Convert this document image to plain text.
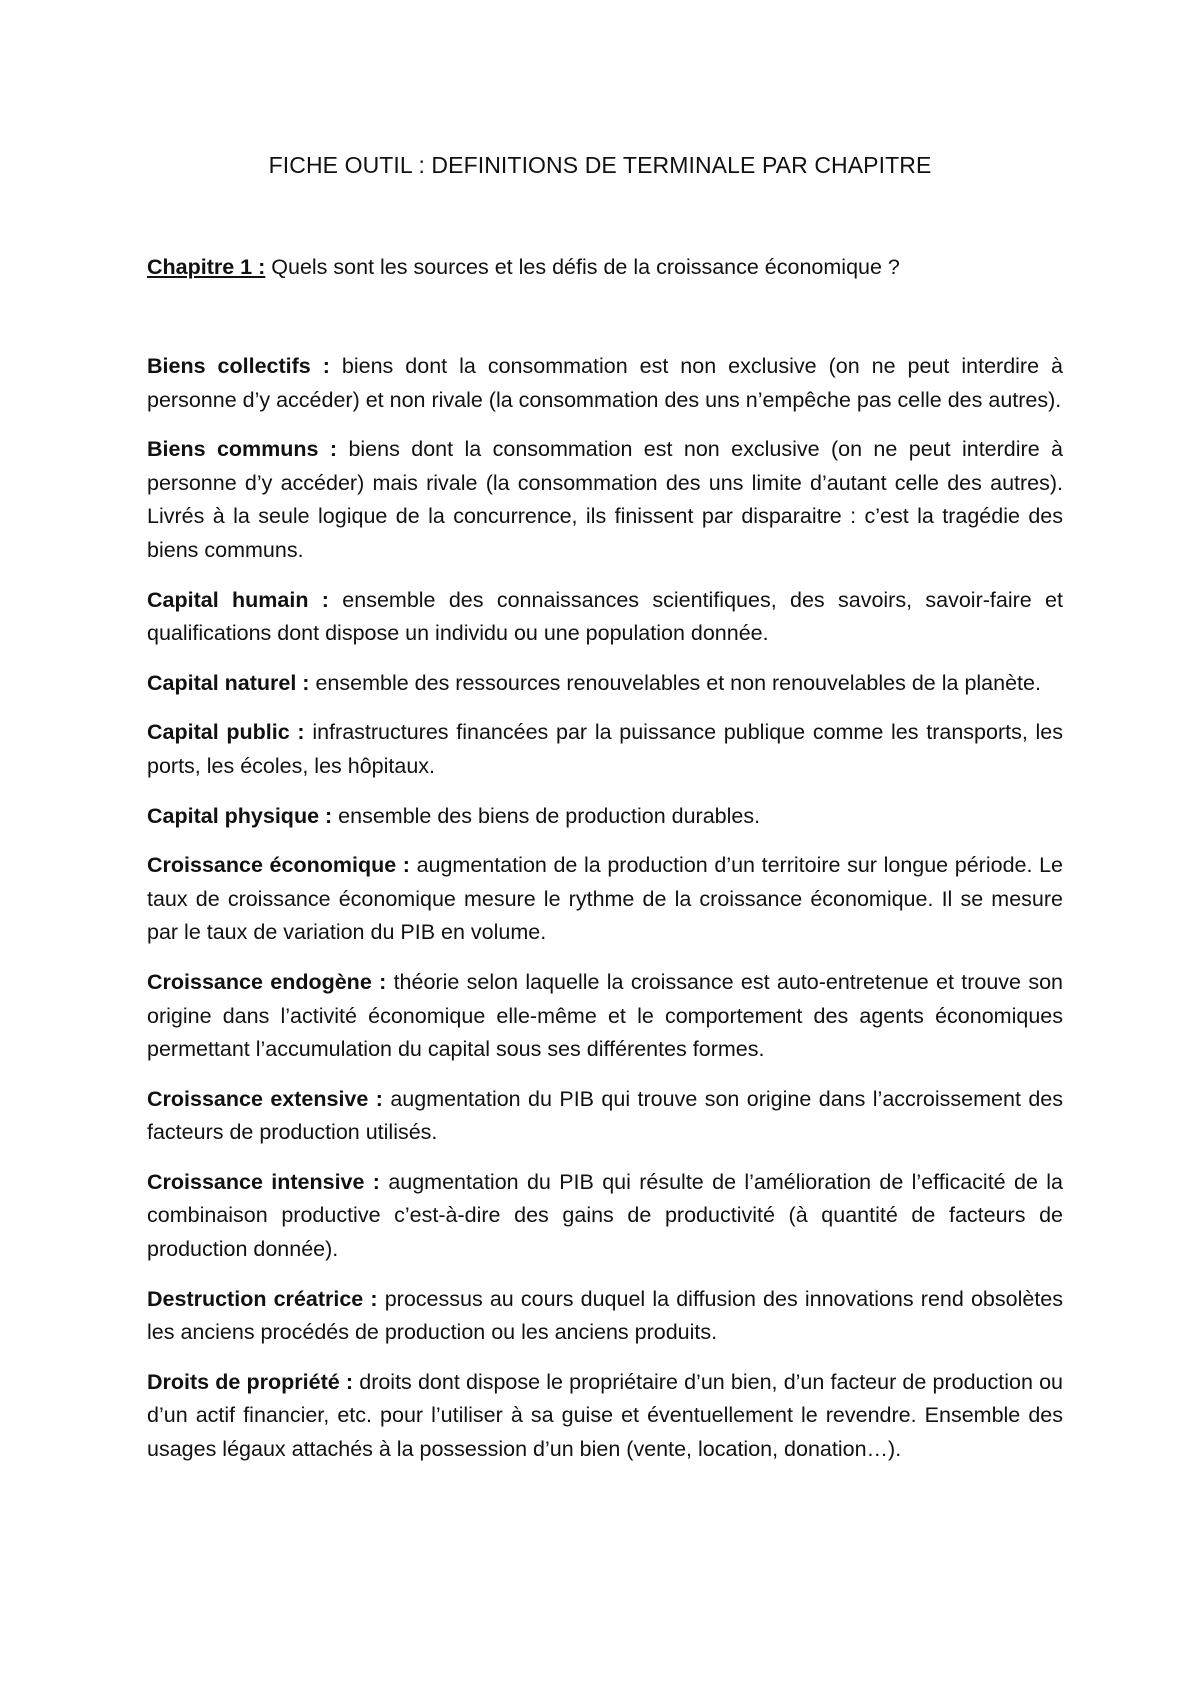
FICHE OUTIL : DEFINITIONS DE TERMINALE PAR CHAPITRE
Chapitre 1 : Quels sont les sources et les défis de la croissance économique ?

Biens collectifs : biens dont la consommation est non exclusive (on ne peut interdire à personne d’y accéder) et non rivale (la consommation des uns n’empêche pas celle des autres).

Biens communs : biens dont la consommation est non exclusive (on ne peut interdire à personne d’y accéder) mais rivale (la consommation des uns limite d’autant celle des autres). Livrés à la seule logique de la concurrence, ils finissent par disparaitre : c’est la tragédie des biens communs.

Capital humain : ensemble des connaissances scientifiques, des savoirs, savoir-faire et qualifications dont dispose un individu ou une population donnée.

Capital naturel : ensemble des ressources renouvelables et non renouvelables de la planète.

Capital public : infrastructures financées par la puissance publique comme les transports, les ports, les écoles, les hôpitaux.

Capital physique : ensemble des biens de production durables.

Croissance économique : augmentation de la production d’un territoire sur longue période. Le taux de croissance économique mesure le rythme de la croissance économique. Il se mesure par le taux de variation du PIB en volume.

Croissance endogène : théorie selon laquelle la croissance est auto-entretenue et trouve son origine dans l’activité économique elle-même et le comportement des agents économiques permettant l’accumulation du capital sous ses différentes formes.

Croissance extensive : augmentation du PIB qui trouve son origine dans l’accroissement des facteurs de production utilisés.

Croissance intensive : augmentation du PIB qui résulte de l’amélioration de l’efficacité de la combinaison productive c’est-à-dire des gains de productivité (à quantité de facteurs de production donnée).

Destruction créatrice : processus au cours duquel la diffusion des innovations rend obsolètes les anciens procédés de production ou les anciens produits.

Droits de propriété : droits dont dispose le propriétaire d’un bien, d’un facteur de production ou d’un actif financier, etc. pour l’utiliser à sa guise et éventuellement le revendre. Ensemble des usages légaux attachés à la possession d’un bien (vente, location, donation…).
